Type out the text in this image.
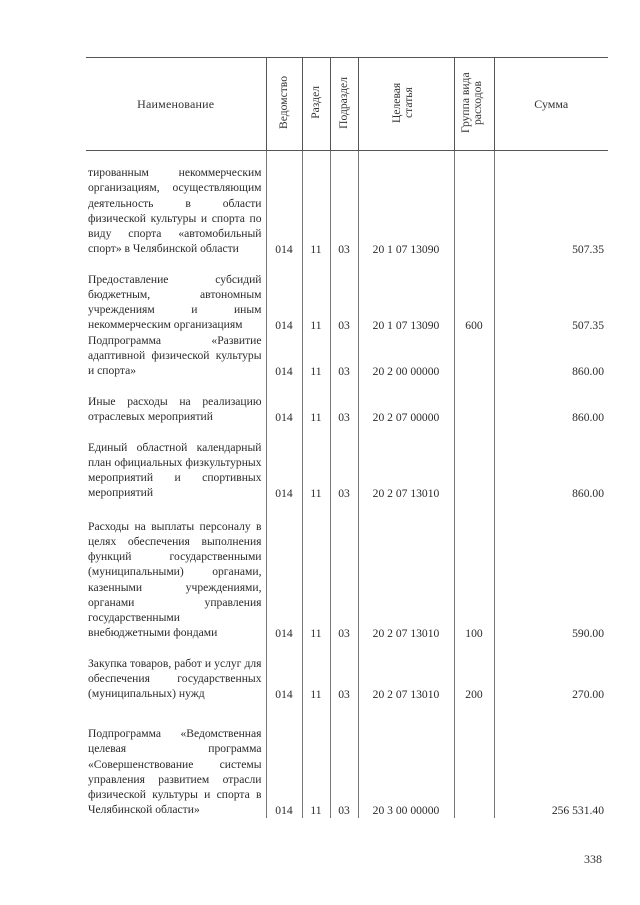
Наименование	Ведомство	Раздел	Подраздел	Целевая статья	Группа вида расходов	Сумма
тированным некоммерческим организациям, осуществляющим деятельность в области физической культуры и спорта по виду спорта «автомобильный спорт» в Челябинской области	014	11	03	20 1 07 13090		507.35
Предоставление субсидий бюджетным, автономным учреждениям и иным некоммерческим организациям	014	11	03	20 1 07 13090	600	507.35
Подпрограмма «Развитие адаптивной физической культуры и спорта»	014	11	03	20 2 00 00000		860.00
Иные расходы на реализацию отраслевых мероприятий	014	11	03	20 2 07 00000		860.00
Единый областной календарный план официальных физкультурных мероприятий и спортивных мероприятий	014	11	03	20 2 07 13010		860.00
Расходы на выплаты персоналу в целях обеспечения выполнения функций государственными (муниципальными) органами, казенными учреждениями, органами управления государственными внебюджетными фондами	014	11	03	20 2 07 13010	100	590.00
Закупка товаров, работ и услуг для обеспечения государственных (муниципальных) нужд	014	11	03	20 2 07 13010	200	270.00
Подпрограмма «Ведомственная целевая программа «Совершенствование системы управления развитием отрасли физической культуры и спорта в Челябинской области»	014	11	03	20 3 00 00000		256 531.40
338
